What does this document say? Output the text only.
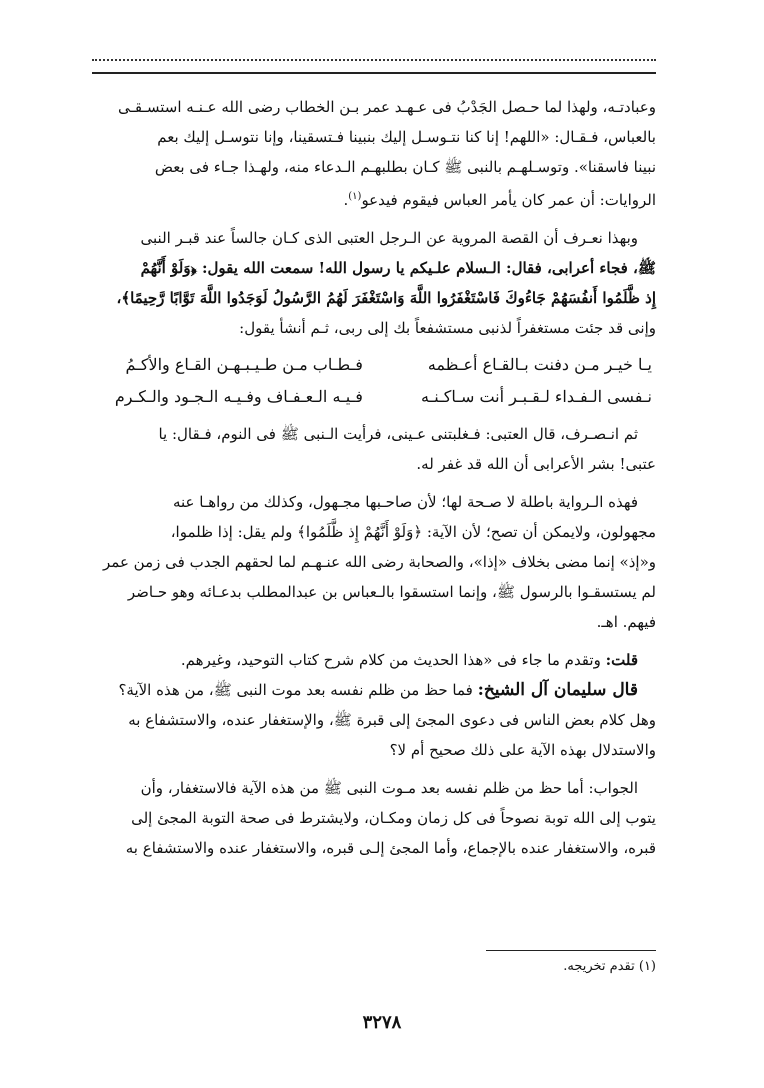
وعبادتـه، ولهذا لما حـصل الجَدْبُ فى عـهـد عمر بـن الخطاب رضى الله عـنـه استسـقـى

بالعباس، فـقـال: «اللهم! إنا كنا نتـوسـل إليك بنبينا فـتسقينا، وإنا نتوسـل إليك بعم

نبينا فاسقنا». وتوسـلهـم بالنبى ﷺ كـان بطلبهـم الـدعاء منه، ولهـذا جـاء فى بعض

الروايات: أن عمر كان يأمر العباس فيقوم فيدعو$^{(١)}$.

وبهذا نعـرف أن القصة المروية عن الـرجل العتبى الذى كـان جالساً عند قبـر النبى

ﷺ، فجاء أعرابى، فقال: الـسلام علـيكم يا رسول الله! سمعت الله يقول: ﴿وَلَوْ أَنَّهُمْ

إِذ ظَّلَمُوا أَنفُسَهُمْ جَاءُوكَ فَاسْتَغْفَرُوا اللَّهَ وَاسْتَغْفَرَ لَهُمُ الرَّسُولُ لَوَجَدُوا اللَّهَ تَوَّابًا رَّحِيمًا﴾،

وإنى قد جئت مستغفراً لذنبى مستشفعاً بك إلى ربى، ثـم أنشأ يقول:

يـا خيـر مـن دفنت بـالقـاع أعـظمه
فـطـاب مـن طـيـبـهـن القـاع والأكـمُ
نـفسى الـفـداء لـقـبـر أنت سـاكـنـه
فـيـه الـعـفـاف وفـيـه الـجـود والـكـرم

ثم انـصـرف، قال العتبى: فـغلبتنى عـينى، فرأيت الـنبى ﷺ فى النوم، فـقال: يا

عتبى! بشر الأعرابى أن الله قد غفر له.

فهذه الـرواية باطلة لا صـحة لها؛ لأن صاحـبها مجـهول، وكذلك من رواهـا عنه

مجهولون، ولايمكن أن تصح؛ لأن الآية: ﴿وَلَوْ أَنَّهُمْ إِذ ظَّلَمُوا﴾ ولم يقل: إذا ظلموا،

و«إذ» إنما مضى بخلاف «إذا»، والصحابة رضى الله عنـهـم لما لحقهم الجدب فى زمن عمر

لم يستسقـوا بالرسول ﷺ، وإنما استسقوا بالـعباس بن عبدالمطلب بدعـائه وهو حـاضر

فيهم. اهـ.

قلت: وتقدم ما جاء فى «هذا الحديث من كلام شرح كتاب التوحيد، وغيرهم.

قال سليمان آل الشيخ: فما حظ من ظلم نفسه بعد موت النبى ﷺ، من هذه الآية؟

وهل كلام بعض الناس فى دعوى المجئ إلى قبرة ﷺ، والإستغفار عنده، والاستشفاع به

والاستدلال بهذه الآية على ذلك صحيح أم لا؟

الجواب: أما حظ من ظلم نفسه بعد مـوت النبى ﷺ من هذه الآية فالاستغفار، وأن

يتوب إلى الله توبة نصوحاً فى كل زمان ومكـان، ولايشترط فى صحة التوبة المجئ إلى

قبره، والاستغفار عنده بالإجماع، وأما المجئ إلـى قبره، والاستغفار عنده والاستشفاع به

(١) تقدم تخريجه.
٣٢٧٨
